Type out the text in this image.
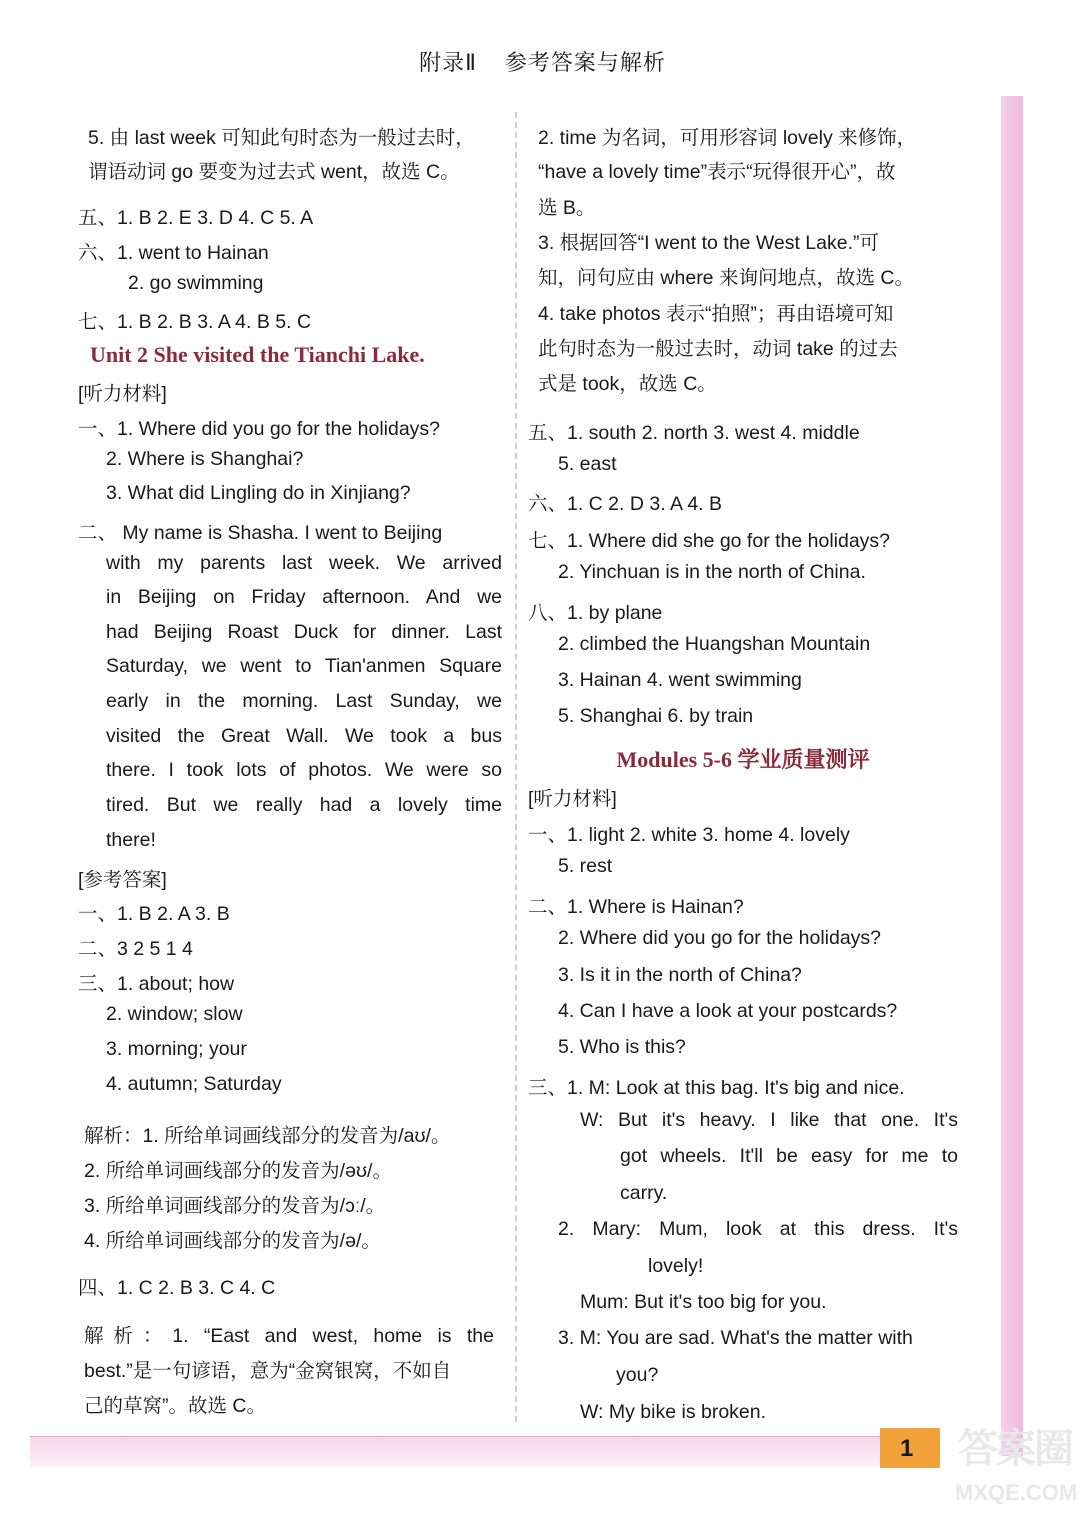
附录Ⅱ 参考答案与解析
1	答案圈
MXQE.COM
5. 由 last week 可知此句时态为一般过去时，
谓语动词 go 要变为过去式 went，故选 C。
五、1. B 2. E 3. D 4. C 5. A
六、1. went to Hainan
2. go swimming
七、1. B 2. B 3. A 4. B 5. C
Unit 2 She visited the Tianchi Lake.
[听力材料]
一、1. Where did you go for the holidays?
2. Where is Shanghai?
3. What did Lingling do in Xinjiang?
二、 My name is Shasha. I went to Beijing
with my parents last week. We arrived
in Beijing on Friday afternoon. And we
had Beijing Roast Duck for dinner. Last
Saturday, we went to Tian'anmen Square
early in the morning. Last Sunday, we
visited the Great Wall. We took a bus
there. I took lots of photos. We were so
tired. But we really had a lovely time
there!
[参考答案]
一、1. B 2. A 3. B
二、3 2 5 1 4
三、1. about; how
2. window; slow
3. morning; your
4. autumn; Saturday
解析：1. 所给单词画线部分的发音为/aʊ/。
2. 所给单词画线部分的发音为/əʊ/。
3. 所给单词画线部分的发音为/ɔː/。
4. 所给单词画线部分的发音为/ə/。
四、1. C 2. B 3. C 4. C
解析：1. “East and west, home is the
best.”是一句谚语，意为“金窝银窝，不如自
己的草窝”。故选 C。
2. time 为名词，可用形容词 lovely 来修饰，
“have a lovely time”表示“玩得很开心”，故
选 B。
3. 根据回答“I went to the West Lake.”可
知，问句应由 where 来询问地点，故选 C。
4. take photos 表示“拍照”；再由语境可知
此句时态为一般过去时，动词 take 的过去
式是 took，故选 C。
五、1. south 2. north 3. west 4. middle
5. east
六、1. C 2. D 3. A 4. B
七、1. Where did she go for the holidays?
2. Yinchuan is in the north of China.
八、1. by plane
2. climbed the Huangshan Mountain
3. Hainan 4. went swimming
5. Shanghai 6. by train
Modules 5-6 学业质量测评
[听力材料]
一、1. light 2. white 3. home 4. lovely
5. rest
二、1. Where is Hainan?
2. Where did you go for the holidays?
3. Is it in the north of China?
4. Can I have a look at your postcards?
5. Who is this?
三、1. M: Look at this bag. It's big and nice.
W: But it's heavy. I like that one. It's
got wheels. It'll be easy for me to
carry.
2. Mary: Mum, look at this dress. It's
lovely!
Mum: But it's too big for you.
3. M: You are sad. What's the matter with
you?
W: My bike is broken.
